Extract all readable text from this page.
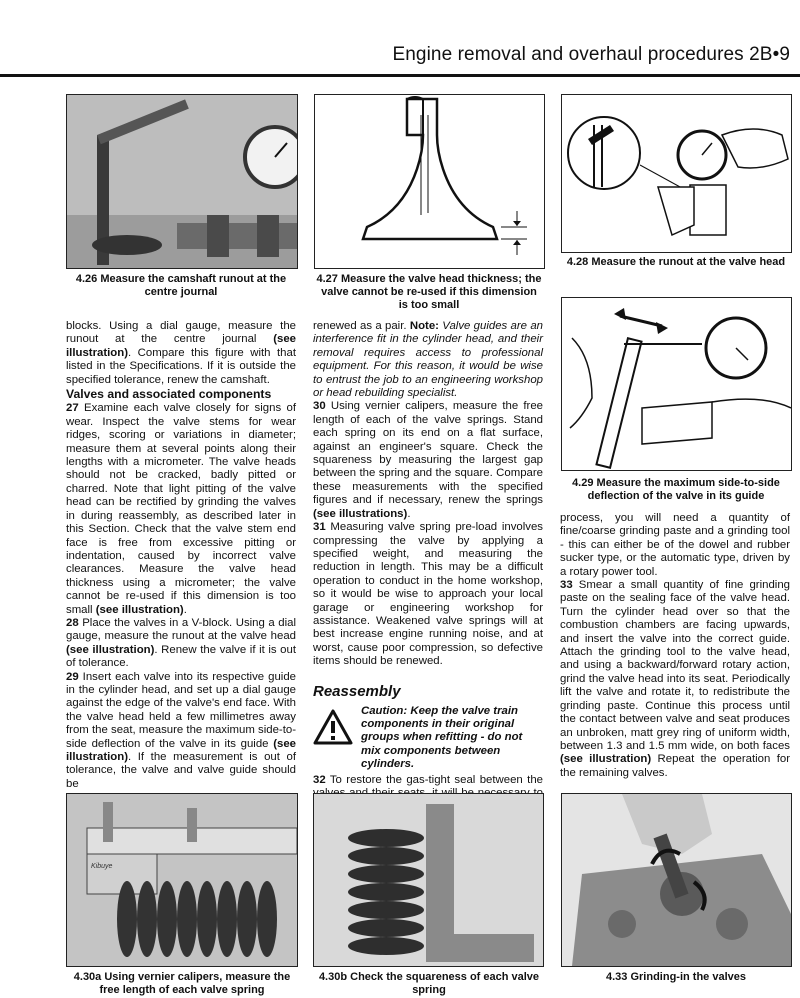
Engine removal and overhaul procedures 2B•9
4.26 Measure the camshaft runout at the centre journal
4.27 Measure the valve head thickness; the valve cannot be re-used if this dimension is too small
4.28 Measure the runout at the valve head
4.29 Measure the maximum side-to-side deflection of the valve in its guide

blocks. Using a dial gauge, measure the runout at the centre journal (see illustration). Compare this figure with that listed in the Specifications. If it is outside the specified tolerance, renew the camshaft.

Valves and associated components

27 Examine each valve closely for signs of wear. Inspect the valve stems for wear ridges, scoring or variations in diameter; measure them at several points along their lengths with a micrometer. The valve heads should not be cracked, badly pitted or charred. Note that light pitting of the valve head can be rectified by grinding the valves in during reassembly, as described later in this Section. Check that the valve stem end face is free from excessive pitting or indentation, caused by incorrect valve clearances. Measure the valve head thickness using a micrometer; the valve cannot be re-used if this dimension is too small (see illustration).

28 Place the valves in a V-block. Using a dial gauge, measure the runout at the valve head (see illustration). Renew the valve if it is out of tolerance.

29 Insert each valve into its respective guide in the cylinder head, and set up a dial gauge against the edge of the valve's end face. With the valve head held a few millimetres away from the seat, measure the maximum side-to-side deflection of the valve in its guide (see illustration). If the measurement is out of tolerance, the valve and valve guide should be

renewed as a pair. Note: Valve guides are an interference fit in the cylinder head, and their removal requires access to professional equipment. For this reason, it would be wise to entrust the job to an engineering workshop or head rebuilding specialist.

30 Using vernier calipers, measure the free length of each of the valve springs. Stand each spring on its end on a flat surface, against an engineer's square. Check the squareness by measuring the largest gap between the spring and the square. Compare these measurements with the specified figures and if necessary, renew the springs (see illustrations).

31 Measuring valve spring pre-load involves compressing the valve by applying a specified weight, and measuring the reduction in length. This may be a difficult operation to conduct in the home workshop, so it would be wise to approach your local garage or engineering workshop for assistance. Weakened valve springs will at best increase engine running noise, and at worst, cause poor compression, so defective items should be renewed.

Reassembly

Caution: Keep the valve train components in their original groups when refitting - do not mix components between cylinders.

32 To restore the gas-tight seal between the

process, you will need a quantity of fine/coarse grinding paste and a grinding tool - this can either be of the dowel and rubber sucker type, or the automatic type, driven by a rotary power tool.

33 Smear a small quantity of fine grinding paste on the sealing face of the valve head. Turn the cylinder head over so that the combustion chambers are facing upwards, and insert the valve into the correct guide. Attach the grinding tool to the valve head, and using a backward/forward rotary action, grind the valve head into its seat. Periodically lift the valve and rotate it, to redistribute the grinding paste. Continue this process until the contact between valve and seat produces an unbroken, matt grey ring of uniform width, between 1.3 and 1.5 mm wide, on both faces (see illustration) Repeat the operation for the remaining valves.

Kibuye
4.30a Using vernier calipers, measure the free length of each valve spring
4.30b Check the squareness of each valve spring
4.33 Grinding-in the valves
